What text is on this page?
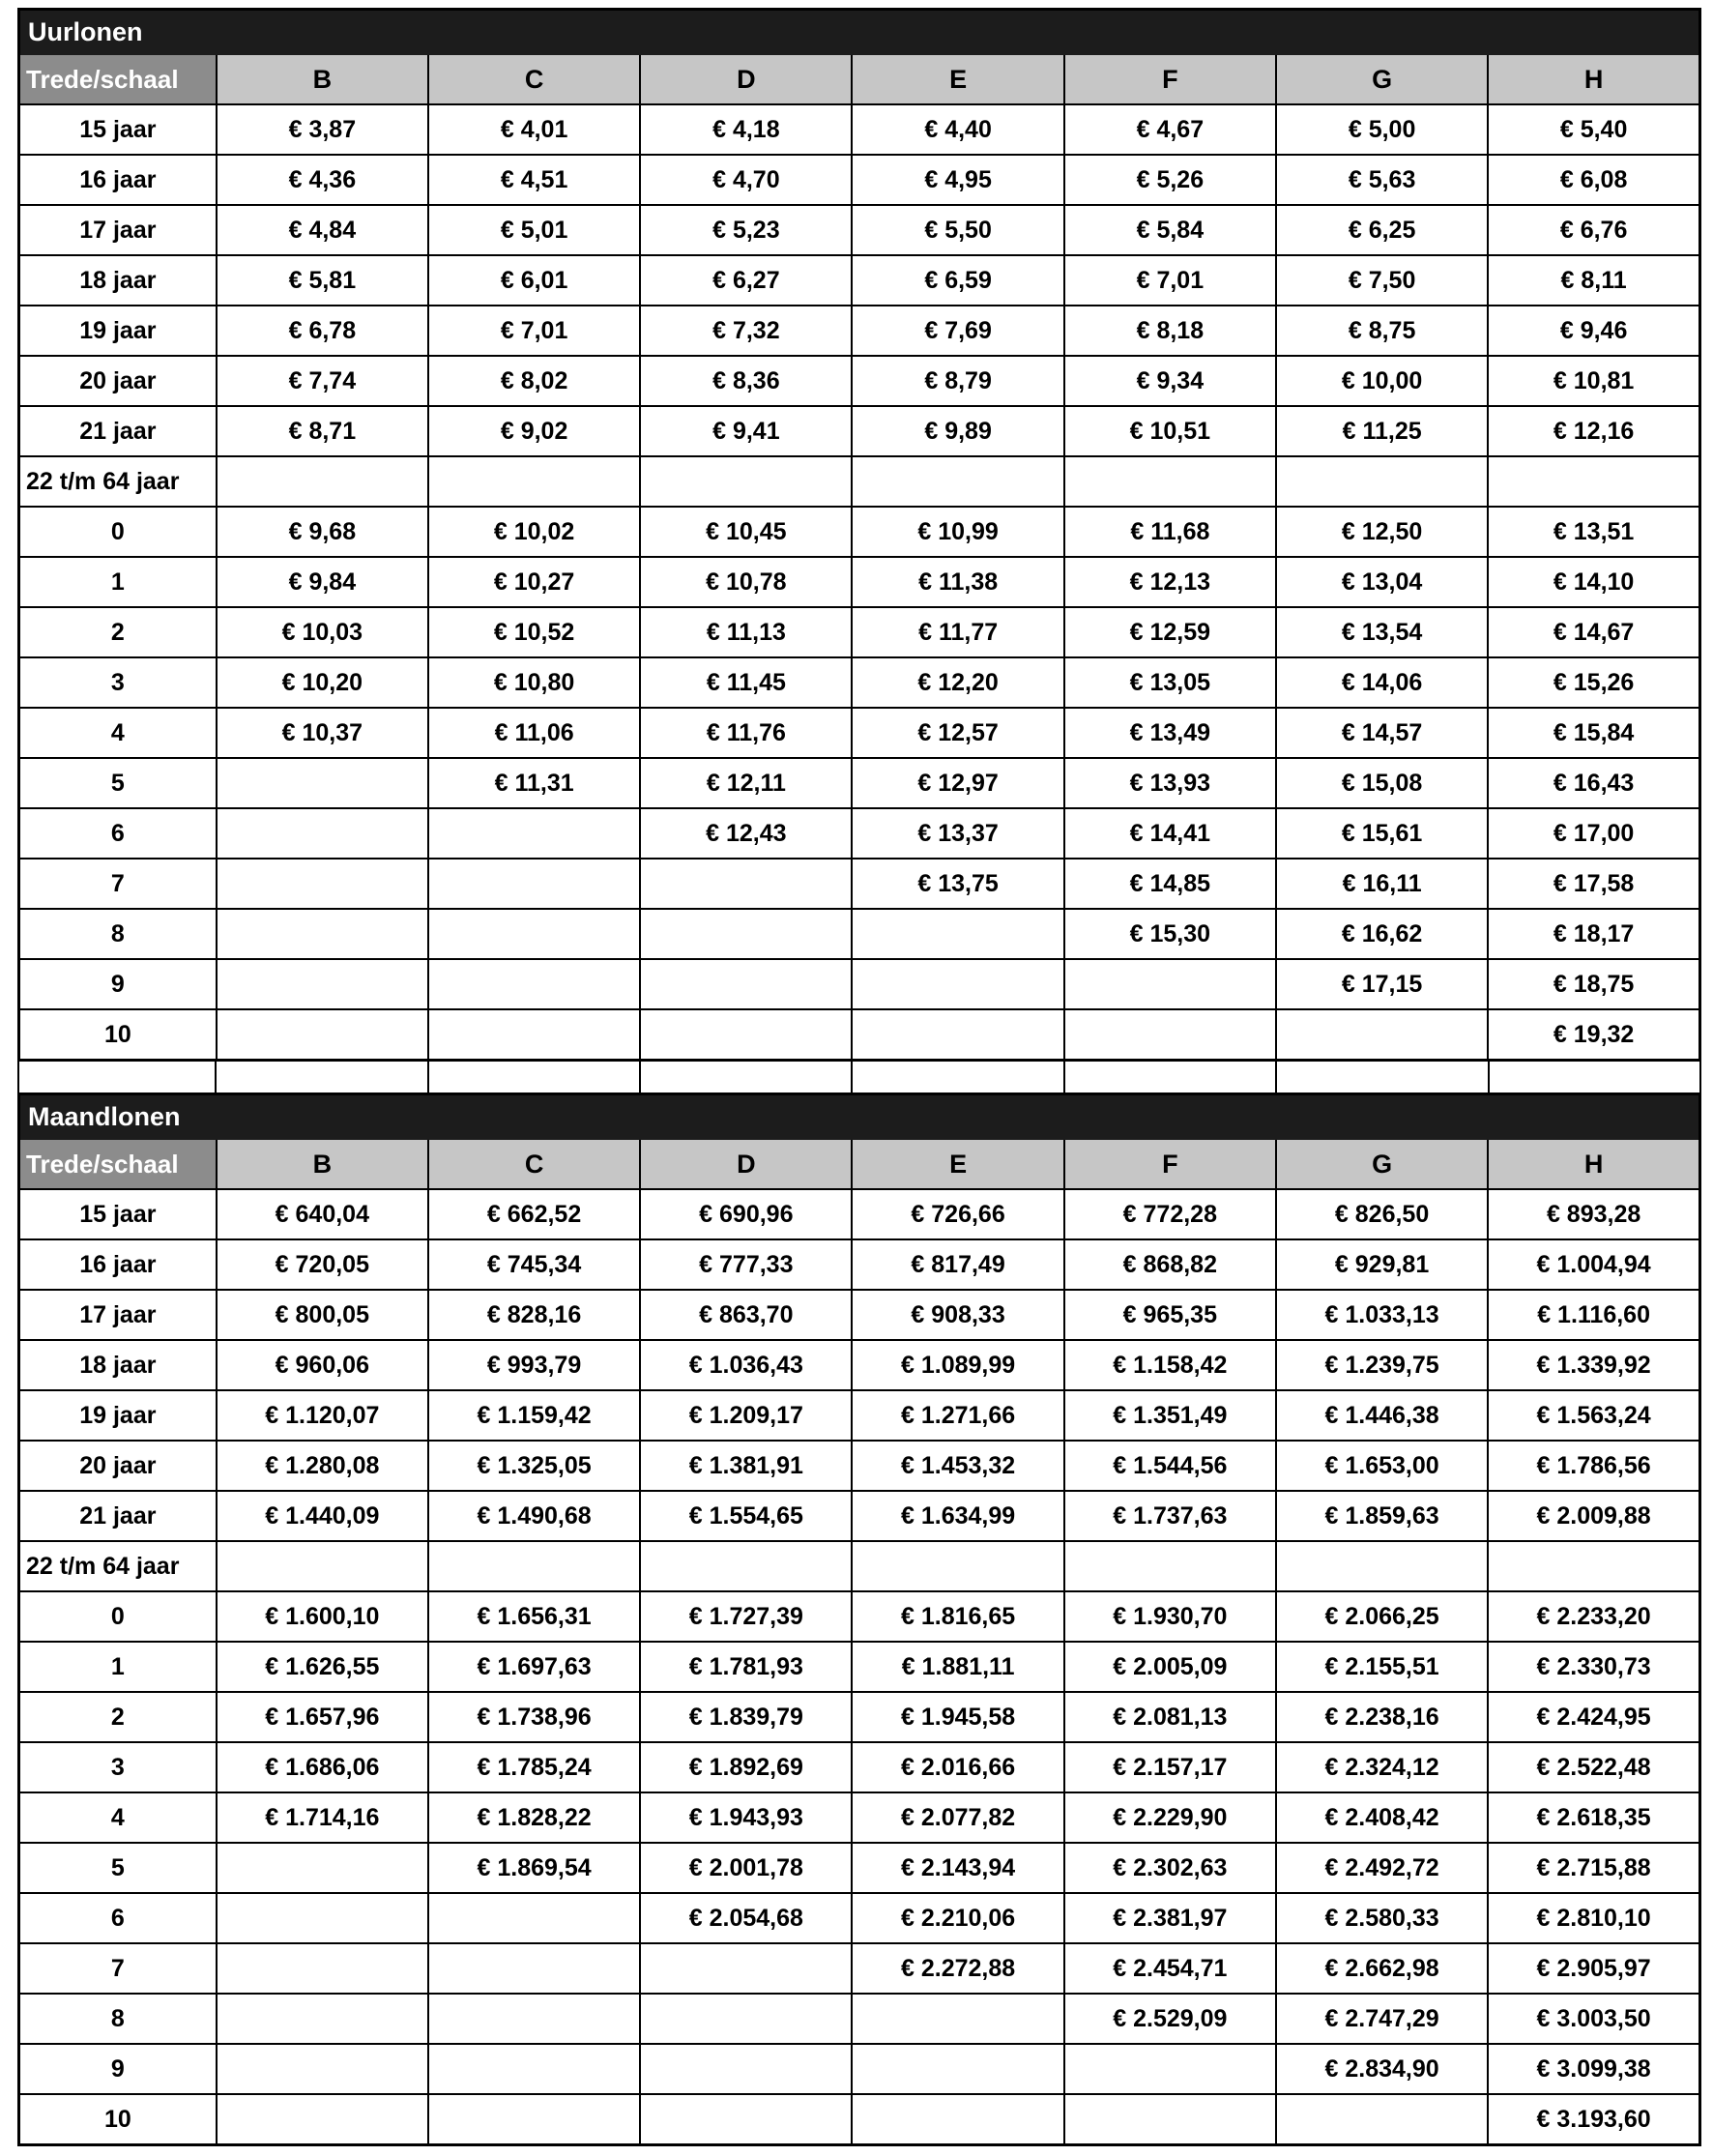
Uurlonen							
Trede/schaal	B	C	D	E	F	G	H
15 jaar	€ 3,87	€ 4,01	€ 4,18	€ 4,40	€ 4,67	€ 5,00	€ 5,40
16 jaar	€ 4,36	€ 4,51	€ 4,70	€ 4,95	€ 5,26	€ 5,63	€ 6,08
17 jaar	€ 4,84	€ 5,01	€ 5,23	€ 5,50	€ 5,84	€ 6,25	€ 6,76
18 jaar	€ 5,81	€ 6,01	€ 6,27	€ 6,59	€ 7,01	€ 7,50	€ 8,11
19 jaar	€ 6,78	€ 7,01	€ 7,32	€ 7,69	€ 8,18	€ 8,75	€ 9,46
20 jaar	€ 7,74	€ 8,02	€ 8,36	€ 8,79	€ 9,34	€ 10,00	€ 10,81
21 jaar	€ 8,71	€ 9,02	€ 9,41	€ 9,89	€ 10,51	€ 11,25	€ 12,16
22 t/m 64 jaar							
0	€ 9,68	€ 10,02	€ 10,45	€ 10,99	€ 11,68	€ 12,50	€ 13,51
1	€ 9,84	€ 10,27	€ 10,78	€ 11,38	€ 12,13	€ 13,04	€ 14,10
2	€ 10,03	€ 10,52	€ 11,13	€ 11,77	€ 12,59	€ 13,54	€ 14,67
3	€ 10,20	€ 10,80	€ 11,45	€ 12,20	€ 13,05	€ 14,06	€ 15,26
4	€ 10,37	€ 11,06	€ 11,76	€ 12,57	€ 13,49	€ 14,57	€ 15,84
5		€ 11,31	€ 12,11	€ 12,97	€ 13,93	€ 15,08	€ 16,43
6			€ 12,43	€ 13,37	€ 14,41	€ 15,61	€ 17,00
7				€ 13,75	€ 14,85	€ 16,11	€ 17,58
8					€ 15,30	€ 16,62	€ 18,17
9						€ 17,15	€ 18,75
10							€ 19,32

Maandlonen							
Trede/schaal	B	C	D	E	F	G	H
15 jaar	€ 640,04	€ 662,52	€ 690,96	€ 726,66	€ 772,28	€ 826,50	€ 893,28
16 jaar	€ 720,05	€ 745,34	€ 777,33	€ 817,49	€ 868,82	€ 929,81	€ 1.004,94
17 jaar	€ 800,05	€ 828,16	€ 863,70	€ 908,33	€ 965,35	€ 1.033,13	€ 1.116,60
18 jaar	€ 960,06	€ 993,79	€ 1.036,43	€ 1.089,99	€ 1.158,42	€ 1.239,75	€ 1.339,92
19 jaar	€ 1.120,07	€ 1.159,42	€ 1.209,17	€ 1.271,66	€ 1.351,49	€ 1.446,38	€ 1.563,24
20 jaar	€ 1.280,08	€ 1.325,05	€ 1.381,91	€ 1.453,32	€ 1.544,56	€ 1.653,00	€ 1.786,56
21 jaar	€ 1.440,09	€ 1.490,68	€ 1.554,65	€ 1.634,99	€ 1.737,63	€ 1.859,63	€ 2.009,88
22 t/m 64 jaar							
0	€ 1.600,10	€ 1.656,31	€ 1.727,39	€ 1.816,65	€ 1.930,70	€ 2.066,25	€ 2.233,20
1	€ 1.626,55	€ 1.697,63	€ 1.781,93	€ 1.881,11	€ 2.005,09	€ 2.155,51	€ 2.330,73
2	€ 1.657,96	€ 1.738,96	€ 1.839,79	€ 1.945,58	€ 2.081,13	€ 2.238,16	€ 2.424,95
3	€ 1.686,06	€ 1.785,24	€ 1.892,69	€ 2.016,66	€ 2.157,17	€ 2.324,12	€ 2.522,48
4	€ 1.714,16	€ 1.828,22	€ 1.943,93	€ 2.077,82	€ 2.229,90	€ 2.408,42	€ 2.618,35
5		€ 1.869,54	€ 2.001,78	€ 2.143,94	€ 2.302,63	€ 2.492,72	€ 2.715,88
6			€ 2.054,68	€ 2.210,06	€ 2.381,97	€ 2.580,33	€ 2.810,10
7				€ 2.272,88	€ 2.454,71	€ 2.662,98	€ 2.905,97
8					€ 2.529,09	€ 2.747,29	€ 3.003,50
9						€ 2.834,90	€ 3.099,38
10							€ 3.193,60
